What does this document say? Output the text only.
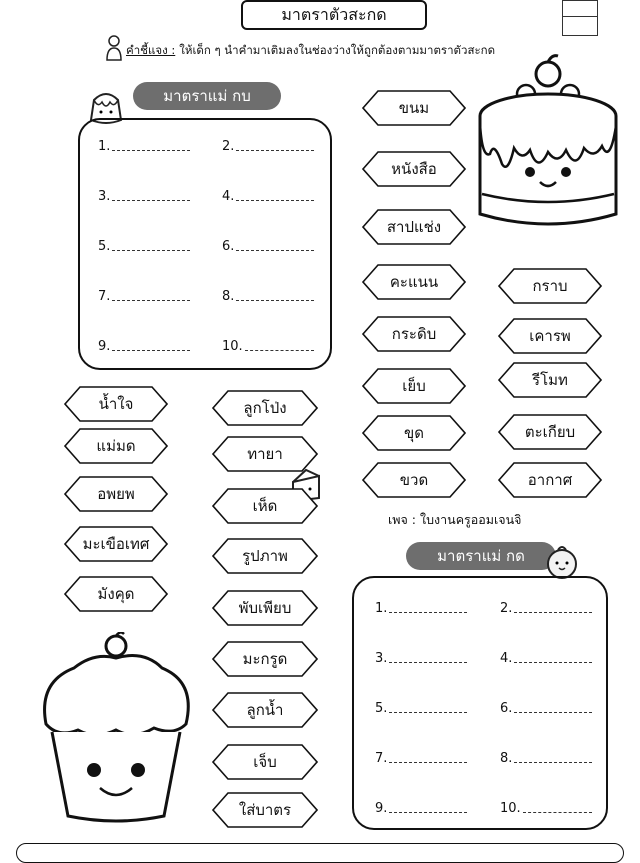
มาตราตัวสะกด
คำชี้แจง : ให้เด็ก ๆ นำคำมาเติมลงในช่องว่างให้ถูกต้องตามมาตราตัวสะกด
มาตราแม่ กบ
มาตราแม่ กด
เพจ : ใบงานครูออมเจนจิ
1.	2.
3.	4.
5.	6.
7.	8.
9.	10.
1.	2.
3.	4.
5.	6.
7.	8.
9.	10.
ขนม
หนังสือ
สาปแช่ง
คะแนน
กระดิบ
เย็บ
ขุด
ขวด
กราบ
เคารพ
รีโมท
ตะเกียบ
อากาศ
น้ำใจ
แม่มด
อพยพ
มะเขือเทศ
มังคุด
ลูกโป่ง
ทายา
เห็ด
รูปภาพ
พับเพียบ
มะกรูด
ลูกน้ำ
เจ็บ
ใส่บาตร
